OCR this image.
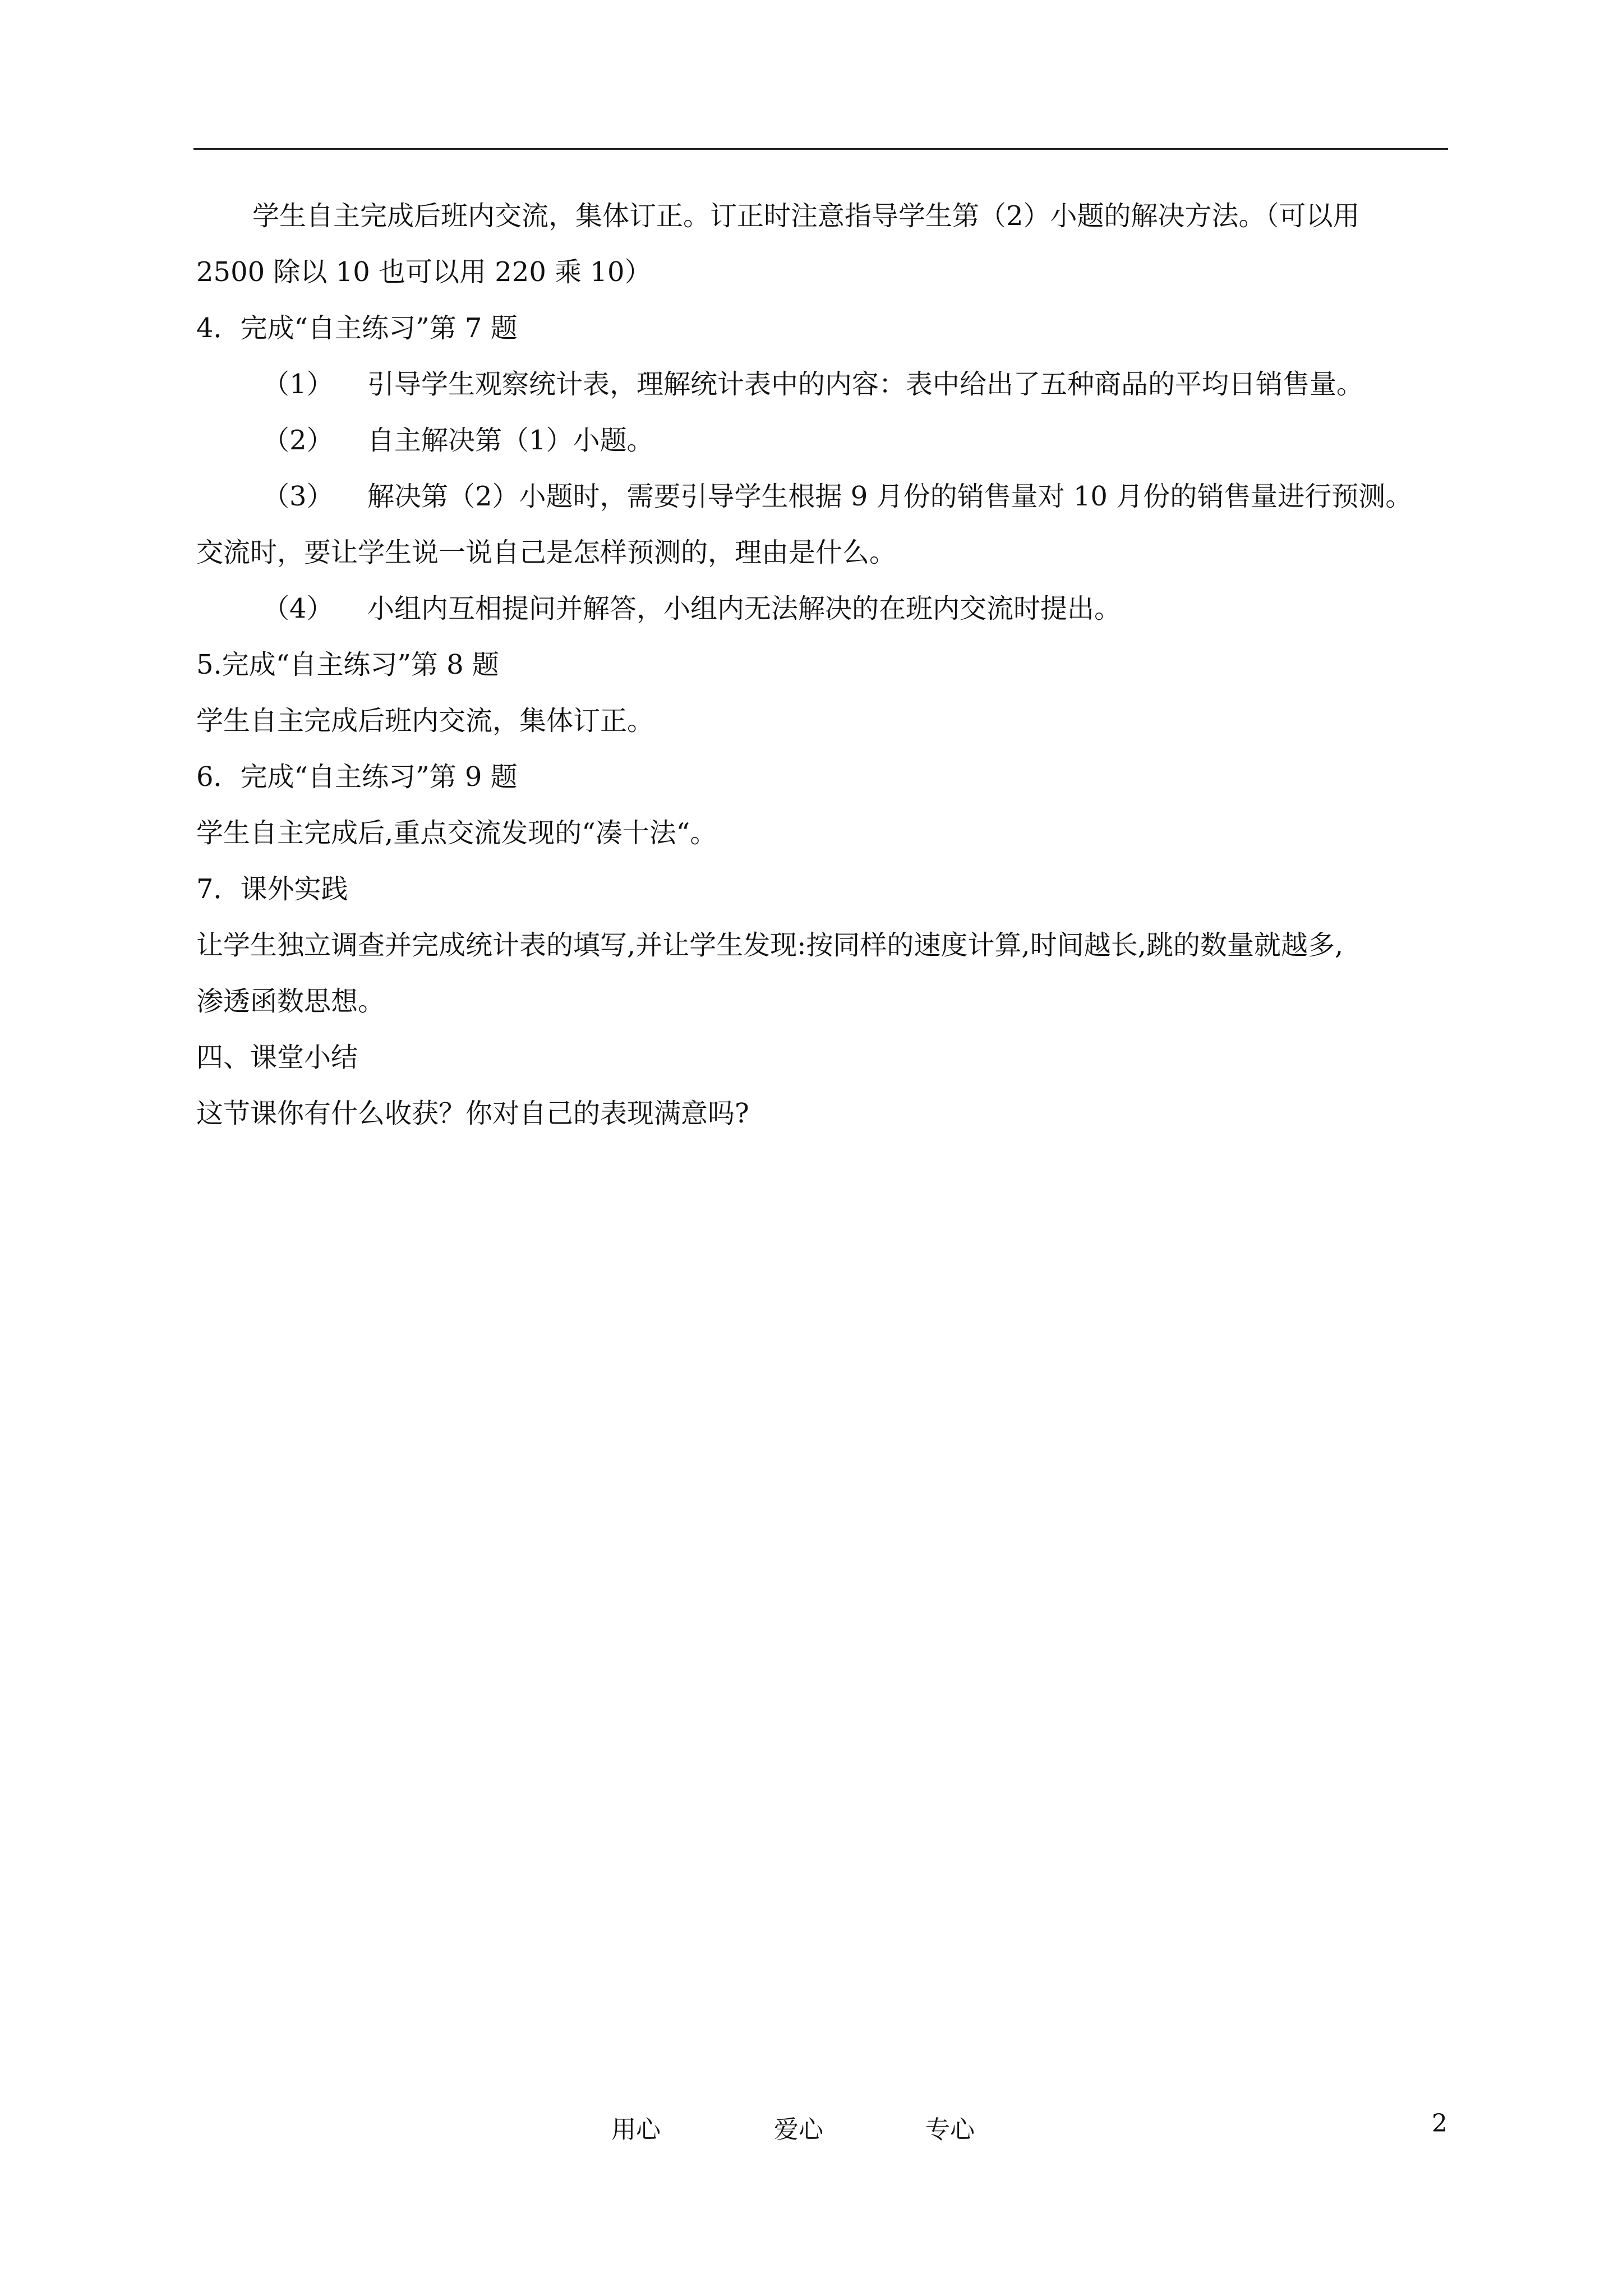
学生自主完成后班内交流，集体订正。订正时注意指导学生第（2）小题的解决方法。（可以用

2500 除以 10 也可以用 220 乘 10）

4．完成“自主练习”第 7 题

（1） 引导学生观察统计表，理解统计表中的内容：表中给出了五种商品的平均日销售量。

（2） 自主解决第（1）小题。

（3） 解决第（2）小题时，需要引导学生根据 9 月份的销售量对 10 月份的销售量进行预测。

交流时，要让学生说一说自己是怎样预测的，理由是什么。

（4） 小组内互相提问并解答，小组内无法解决的在班内交流时提出。

5.完成“自主练习”第 8 题

学生自主完成后班内交流，集体订正。

6．完成“自主练习”第 9 题

学生自主完成后,重点交流发现的“凑十法“。

7．课外实践

让学生独立调查并完成统计表的填写,并让学生发现:按同样的速度计算,时间越长,跳的数量就越多,

渗透函数思想。

四、课堂小结

这节课你有什么收获？你对自己的表现满意吗?

用心	爱心	专心	2
